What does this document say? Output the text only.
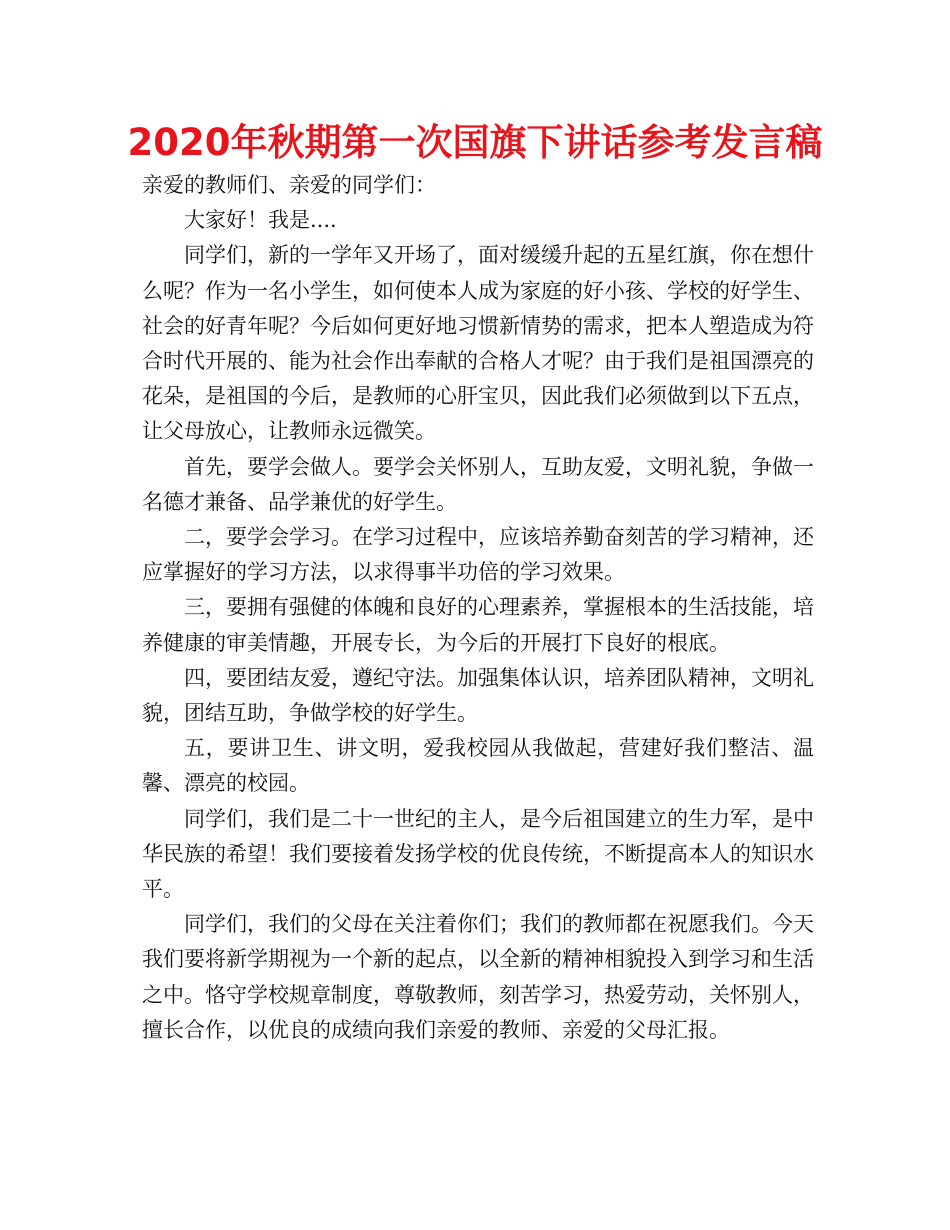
2020年秋期第一次国旗下讲话参考发言稿

亲爱的教师们、亲爱的同学们：

大家好！我是....

同学们，新的一学年又开场了，面对缓缓升起的五星红旗，你在想什么呢？作为一名小学生，如何使本人成为家庭的好小孩、学校的好学生、社会的好青年呢？今后如何更好地习惯新情势的需求，把本人塑造成为符合时代开展的、能为社会作出奉献的合格人才呢？由于我们是祖国漂亮的花朵，是祖国的今后，是教师的心肝宝贝，因此我们必须做到以下五点，让父母放心，让教师永远微笑。

首先，要学会做人。要学会关怀别人，互助友爱，文明礼貌，争做一名德才兼备、品学兼优的好学生。

二，要学会学习。在学习过程中，应该培养勤奋刻苦的学习精神，还应掌握好的学习方法，以求得事半功倍的学习效果。

三，要拥有强健的体魄和良好的心理素养，掌握根本的生活技能，培养健康的审美情趣，开展专长，为今后的开展打下良好的根底。

四，要团结友爱，遵纪守法。加强集体认识，培养团队精神，文明礼貌，团结互助，争做学校的好学生。

五，要讲卫生、讲文明，爱我校园从我做起，营建好我们整洁、温馨、漂亮的校园。

同学们，我们是二十一世纪的主人，是今后祖国建立的生力军，是中华民族的希望！我们要接着发扬学校的优良传统，不断提高本人的知识水平。

同学们，我们的父母在关注着你们；我们的教师都在祝愿我们。今天我们要将新学期视为一个新的起点，以全新的精神相貌投入到学习和生活之中。恪守学校规章制度，尊敬教师，刻苦学习，热爱劳动，关怀别人，擅长合作，以优良的成绩向我们亲爱的教师、亲爱的父母汇报。
